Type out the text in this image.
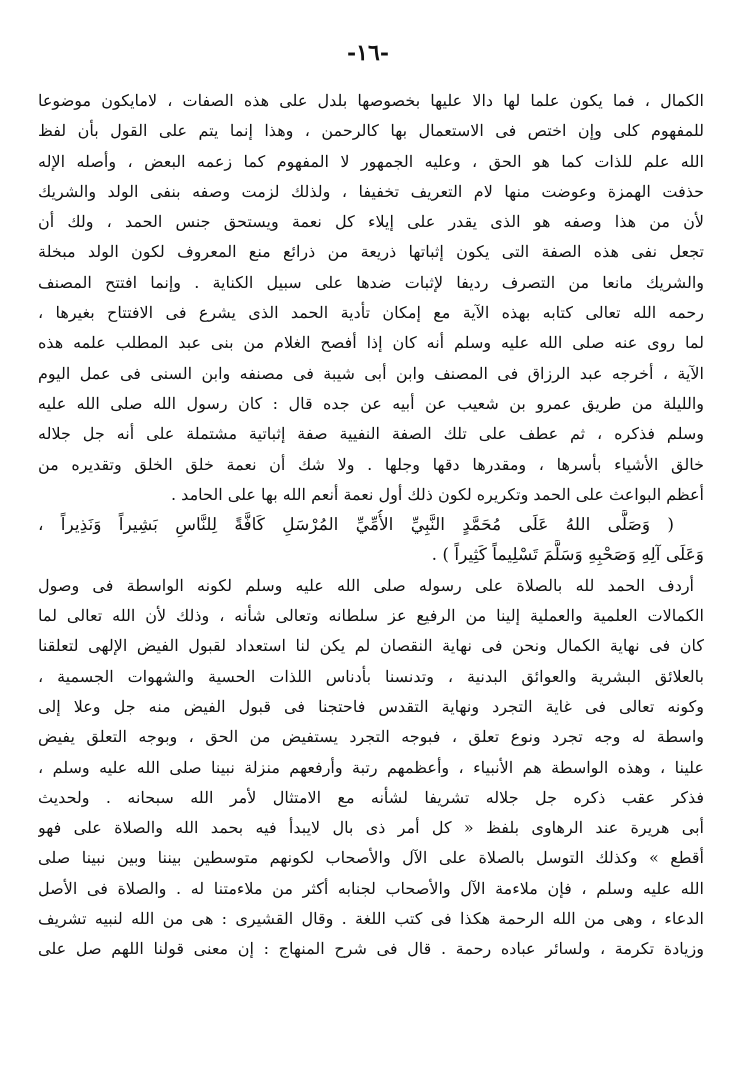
-١٦-
الكمال ، فما يكون علما لها دالا عليها بخصوصها بلدل على هذه الصفات ، لامايكون موضوعا
للمفهوم كلى وإن اختص فى الاستعمال بها كالرحمن ، وهذا إنما يتم على القول بأن لفظ
الله علم للذات كما هو الحق ، وعليه الجمهور لا المفهوم كما زعمه البعض ، وأصله الإله
حذفت الهمزة وعوضت منها لام التعريف تخفيفا ، ولذلك لزمت وصفه بنفى الولد والشريك
لأن من هذا وصفه هو الذى يقدر على إيلاء كل نعمة ويستحق جنس الحمد ، ولك أن
تجعل نفى هذه الصفة التى يكون إثباتها ذريعة من ذرائع منع المعروف لكون الولد مبخلة
والشريك مانعا من التصرف رديفا لإثبات ضدها على سبيل الكناية . وإنما افتتح المصنف
رحمه الله تعالى كتابه بهذه الآية مع إمكان تأدية الحمد الذى يشرع فى الافتتاح بغيرها ،
لما روى عنه صلى الله عليه وسلم أنه كان إذا أفصح الغلام من بنى عبد المطلب علمه هذه
الآية ، أخرجه عبد الرزاق فى المصنف وابن أبى شيبة فى مصنفه وابن السنى فى عمل اليوم
والليلة من طريق عمرو بن شعيب عن أبيه عن جده قال : كان رسول الله صلى الله عليه
وسلم فذكره ، ثم عطف على تلك الصفة النفيية صفة إثباتية مشتملة على أنه جل جلاله
خالق الأشياء بأسرها ، ومقدرها دقها وجلها . ولا شك أن نعمة خلق الخلق وتقديره من
أعظم البواعث على الحمد وتكريره لكون ذلك أول نعمة أنعم الله بها على الحامد .
( وَصَلَّى اللهُ عَلَى مُحَمَّدٍ النَّبِيِّ الأُمِّيِّ المُرْسَلِ كَافَّةً لِلنَّاسِ بَشِيراً وَنَذِيراً ،
وَعَلَى آلِهِ وَصَحْبِهِ وَسَلَّمَ تَسْلِيماً كَثِيراً ) .
أردف الحمد لله بالصلاة على رسوله صلى الله عليه وسلم لكونه الواسطة فى وصول
الكمالات العلمية والعملية إلينا من الرفيع عز سلطانه وتعالى شأنه ، وذلك لأن الله تعالى لما
كان فى نهاية الكمال ونحن فى نهاية النقصان لم يكن لنا استعداد لقبول الفيض الإلهى لتعلقنا
بالعلائق البشرية والعوائق البدنية ، وتدنسنا بأدناس اللذات الحسية والشهوات الجسمية ،
وكونه تعالى فى غاية التجرد ونهاية التقدس فاحتجنا فى قبول الفيض منه جل وعلا إلى
واسطة له وجه تجرد ونوع تعلق ، فبوجه التجرد يستفيض من الحق ، وبوجه التعلق يفيض
علينا ، وهذه الواسطة هم الأنبياء ، وأعظمهم رتبة وأرفعهم منزلة نبينا صلى الله عليه وسلم ،
فذكر عقب ذكره جل جلاله تشريفا لشأنه مع الامتثال لأمر الله سبحانه . ولحديث
أبى هريرة عند الرهاوى بلفظ « كل أمر ذى بال لايبدأ فيه بحمد الله والصلاة على فهو
أقطع » وكذلك التوسل بالصلاة على الآل والأصحاب لكونهم متوسطين بيننا وبين نبينا صلى
الله عليه وسلم ، فإن ملاءمة الآل والأصحاب لجنابه أكثر من ملاءمتنا له . والصلاة فى الأصل
الدعاء ، وهى من الله الرحمة هكذا فى كتب اللغة . وقال القشيرى : هى من الله لنبيه تشريف
وزيادة تكرمة ، ولسائر عباده رحمة . قال فى شرح المنهاج : إن معنى قولنا اللهم صل على
